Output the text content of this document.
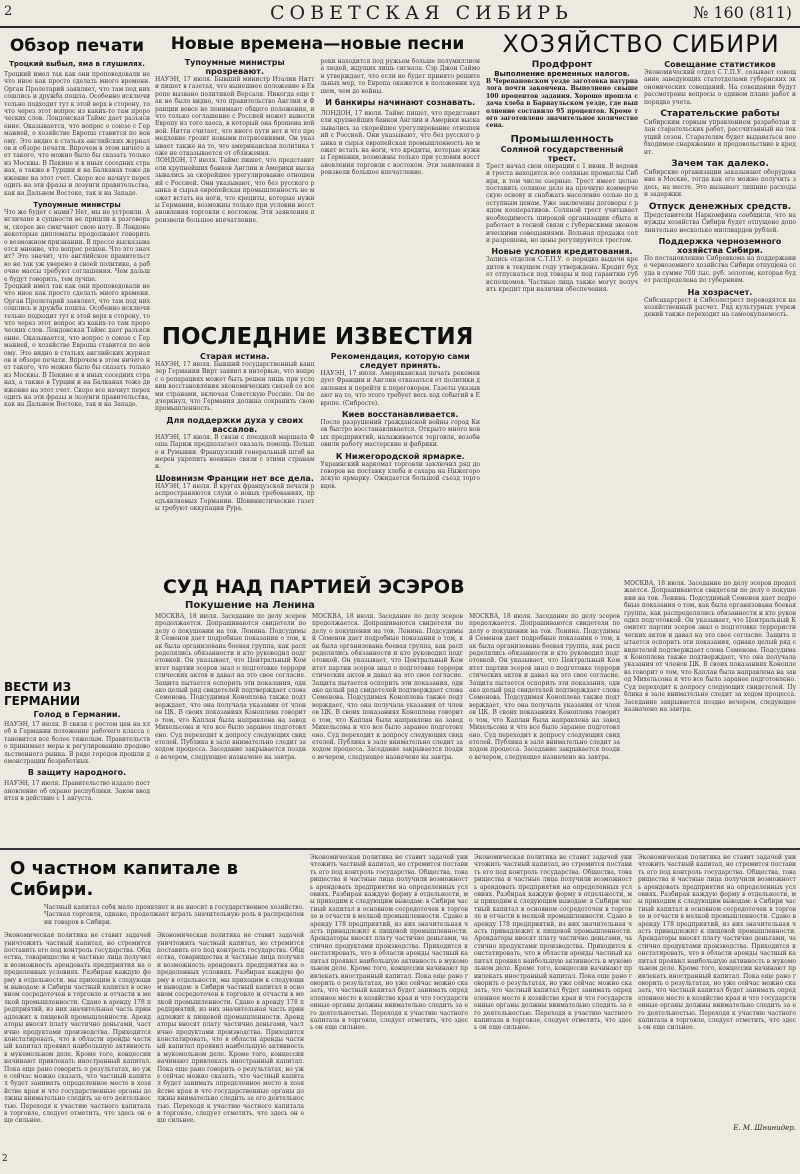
2	СОВЕТСКАЯ СИБИРЬ	№ 160 (811)
Обзор печати
Троцкий выбыл, яма в глушилях.
Троцкий имел так как они проповедовали нечто иное как просто сделать много времени. Орган Пролетарий заявляет, что там под них сошлись и дружба пошла. Особенно исключительно подходит тут к этой верх в сторону, то что через этот вопрос из каких-то там пророческих слов. Лондонская Таймс дает разъяснение. Оказывается, что вопрос о союзе с Германией, о хозяйстве Европы ставится по новому. Это видно в статьях английских журналов и обзоре печати. Впрочем в этом ничего нет такого, что можно было бы сказать только из Москвы. В Пекине и в иных соседних странах, а также в Турции и на Балканах тоже движение на этот счет. Скоро все начнут переходить на эти фразы и лозунги правительства, как на Дальнем Востоке, так и на Западе.
Тупоумные министры
Что же будет с нами? Нет, мы не устроили. Англичане в сущности не пришли к разговорам, скорее же смягчают свою ноту. В Лондоне некоторые дипломаты продолжают говорить о возможном признании. В прессе высказывается мнение, что вопрос решен. Что это значит? Это значит, что английское правительство не так уж уверено в своей политике, а рабочие массы требуют соглашения. Чем дальше будут говорить, тем лучше.
Троцкий имел так как они проповедовали нечто иное как просто сделать много времени. Орган Пролетарий заявляет, что там под них сошлись и дружба пошла. Особенно исключительно подходит тут к этой верх в сторону, то что через этот вопрос из каких-то там пророческих слов. Лондонская Таймс дает разъяснение. Оказывается, что вопрос о союзе с Германией, о хозяйстве Европы ставится по новому. Это видно в статьях английских журналов и обзоре печати. Впрочем в этом ничего нет такого, что можно было бы сказать только из Москвы. В Пекине и в иных соседних странах, а также в Турции и на Балканах тоже движение на этот счет. Скоро все начнут переходить на эти фразы и лозунги правительства, как на Дальнем Востоке, так и на Западе.
ВЕСТИ ИЗ ГЕРМАНИИ
Голод в Германии.
НАУЭН, 17 июля. В связи с ростом цен на хлеб в Германии положение рабочего класса становится все более тяжелым. Правительство принимает меры к регулированию продовольственного рынка. В ряде городов прошли демонстрации безработных.
В защиту народного.
НАУЭН, 17 июля. Правительство издало постановление об охране республики. Закон вводится в действие с 1 августа.
Новые времена—новые песни
Тупоумные министры прозревают.
НАУЭН, 17 июля. Бывший министр Италии Нитти пишет в газетах, что нынешнее положение в Европе вызвано политикой Версаля. Никогда еще так не было видно, что правительство Англии и Франции вовсе не понимают общего положения, и что только соглашение с Россией может вывести Европу из того хаоса, в который она брошена войной. Нитти считает, что иного пути нет и что промедление грозит новыми потрясениями. Он указывает также на то, что американская политика тоже не отказывается от сближения.
ЛОНДОН, 17 июля. Таймс пишет, что представители крупнейших банков Англии и Америки высказывались за скорейшее урегулирование отношений с Россией. Они указывают, что без русского рынка и сырья европейская промышленность не может встать на ноги, что кредиты, которые нужны Германии, возможны только при условии восстановления торговли с востоком. Эти заявления произвели большое впечатление.
реки находится под ружьем больше полумиллиона людей, ждущих лишь сигнала. Сэр Джон Саймон утверждает, что если не будет принято решительных мер, то Европа окажется в положении худшем, чем до войны.
И банкиры начинают сознавать.
ЛОНДОН, 17 июля. Таймс пишет, что представители крупнейших банков Англии и Америки высказывались за скорейшее урегулирование отношений с Россией. Они указывают, что без русского рынка и сырья европейская промышленность не может встать на ноги, что кредиты, которые нужны Германии, возможны только при условии восстановления торговли с востоком. Эти заявления произвели большое впечатление.
ПОСЛЕДНИЕ ИЗВЕСТИЯ
Старая истина.
НАУЭН, 17 июля. Бывший государственный канцлер Германии Вирт заявил в интервью, что вопрос о репарациях может быть решен лишь при условии восстановления экономических связей со всеми странами, включая Советскую Россию. Он подчеркнул, что Германия должна сохранить свою промышленность.
Для поддержки духа у своих вассалов.
НАУЭН, 17 июля. В связи с поездкой маршала Фоша Париж предполагает оказать помощь Польше и Румынии. Французский генеральный штаб намерен укрепить военные связи с этими странами.
Шовинизм Франции нет все дела.
НАУЭН, 17 июля. В кругах французской печати распространяются слухи о новых требованиях, предъявляемых Германии. Шовинистические газеты требуют оккупации Рура.
Рекомендация, которую сами следует принять.
НАУЭН, 17 июля. Американская печать рекомендует Франции и Англии отказаться от политики давления и перейти к переговорам. Газеты указывают на то, что этого требует весь ход событий в Европе. (Сибросте).
Киев восстанавливается.
После разрушений гражданской войны город Киев быстро восстанавливается. Открыто много новых предприятий, налаживается торговля, возобновили работу мастерские и фабрики.
К Нижегородской ярмарке.
Украинский наркомат торговли заключил ряд договоров на поставку хлеба и сахара на Нижегородскую ярмарку. Ожидается большой съезд торговцев.
СУД НАД ПАРТИЕЙ ЭСЭРОВ
Покушение на Ленина
МОСКВА, 18 июля. Заседание по делу эсеров продолжается. Допрашиваются свидетели по делу о покушении на тов. Ленина. Подсудимый Семенов дает подробные показания о том, как была организована боевая группа, как распределялись обязанности и кто руководил подготовкой. Он указывает, что Центральный Комитет партии эсеров знал о подготовке террористических актов и давал на это свое согласие. Защита пытается оспорить эти показания, однако целый ряд свидетелей подтверждает слова Семенова. Подсудимая Коноплева также подтверждает, что она получала указания от членов ЦК. В своих показаниях Коноплева говорит о том, что Каплан была направлена на завод Михельсона и что все было заранее подготовлено. Суд переходит к допросу следующих свидетелей. Публика в зале внимательно следит за ходом процесса. Заседание закрывается поздно вечером, следующее назначено на завтра.
МОСКВА, 18 июля. Заседание по делу эсеров продолжается. Допрашиваются свидетели по делу о покушении на тов. Ленина. Подсудимый Семенов дает подробные показания о том, как была организована боевая группа, как распределялись обязанности и кто руководил подготовкой. Он указывает, что Центральный Комитет партии эсеров знал о подготовке террористических актов и давал на это свое согласие. Защита пытается оспорить эти показания, однако целый ряд свидетелей подтверждает слова Семенова. Подсудимая Коноплева также подтверждает, что она получала указания от членов ЦК. В своих показаниях Коноплева говорит о том, что Каплан была направлена на завод Михельсона и что все было заранее подготовлено. Суд переходит к допросу следующих свидетелей. Публика в зале внимательно следит за ходом процесса. Заседание закрывается поздно вечером, следующее назначено на завтра.
МОСКВА, 18 июля. Заседание по делу эсеров продолжается. Допрашиваются свидетели по делу о покушении на тов. Ленина. Подсудимый Семенов дает подробные показания о том, как была организована боевая группа, как распределялись обязанности и кто руководил подготовкой. Он указывает, что Центральный Комитет партии эсеров знал о подготовке террористических актов и давал на это свое согласие. Защита пытается оспорить эти показания, однако целый ряд свидетелей подтверждает слова Семенова. Подсудимая Коноплева также подтверждает, что она получала указания от членов ЦК. В своих показаниях Коноплева говорит о том, что Каплан была направлена на завод Михельсона и что все было заранее подготовлено. Суд переходит к допросу следующих свидетелей. Публика в зале внимательно следит за ходом процесса. Заседание закрывается поздно вечером, следующее назначено на завтра.
ХОЗЯЙСТВО СИБИРИ
Продфронт
Выполнение временных налогов.
В Черепановском уезде заготовка натурналога почти закончена. Выполнено свыше 100 процентов задания. Хорошо прошла сдача хлеба в Барнаульском уезде, где выполнение составило 95 процентов. Кроме того заготовлено значительное количество сена.
Промышленность
Соляной государственный трест.
Трест начал свои операции с 1 июня. В ведении треста находятся все соляные промыслы Сибири, в том числе озерные. Трест имеет целью поставить соляное дело на прочную коммерческую основу и снабжать население солью по доступным ценам. Уже заключены договоры с рядом кооперативов. Соляной трест учитывает необходимость широкой организации сбыта и работает в тесной связи с губернскими экономическими совещаниями. Вольная продажа соли разрешена, но цены регулируются трестом.
Новые условия кредитования.
Запись отделов С.Т.П.У. о порядке выдачи кредитов в текущем году утверждена. Кредит будет отпускаться под товары и под гарантию губисполкомов. Частные лица также могут получить кредит при наличии обеспечения.
Совещание статистиков
Экономический отдел С.Т.П.У. созывает совещание заведующих статотделами губернских экономических совещаний. На совещании будут рассмотрены вопросы о едином плане работ и порядке учета.
Старательские работы
Сибирским горным управлением разработан план старательских работ, рассчитанный на текущий сезон. Старателям будет выдаваться необходимое снаряжение и продовольствие в кредит.
Зачем так далеко.
Сибирские организации заказывают оборудование в Москве, тогда как его можно получить здесь, на месте. Это вызывает лишние расходы и задержки.
Отпуск денежных средств.
Представители Наркомфина сообщили, что на нужды хозяйства Сибири будет отпущено дополнительно несколько миллиардов рублей.
Поддержка черноземного хозяйства Сибири.
По постановлению Сибревкома на поддержание черноземного хозяйства Сибири отпущена ссуда в сумме 700 тыс. руб. золотом, которая будет распределена по губерниям.
На хозрасчет.
Сибсахартрест и Сибсолетрест переводятся на хозяйственный расчет. Ряд культурных учреждений также переходит на самоокупаемость.
МОСКВА, 18 июля. Заседание по делу эсеров продолжается. Допрашиваются свидетели по делу о покушении на тов. Ленина. Подсудимый Семенов дает подробные показания о том, как была организована боевая группа, как распределялись обязанности и кто руководил подготовкой. Он указывает, что Центральный Комитет партии эсеров знал о подготовке террористических актов и давал на это свое согласие. Защита пытается оспорить эти показания, однако целый ряд свидетелей подтверждает слова Семенова. Подсудимая Коноплева также подтверждает, что она получала указания от членов ЦК. В своих показаниях Коноплева говорит о том, что Каплан была направлена на завод Михельсона и что все было заранее подготовлено. Суд переходит к допросу следующих свидетелей. Публика в зале внимательно следит за ходом процесса. Заседание закрывается поздно вечером, следующее назначено на завтра.
О частном капитале в Сибири.
Частный капитал себя мало проявляет и не вносит в государственное хозяйство. Частная торговля, однако, продолжает играть значительную роль в распределении товаров в Сибири.
Экономическая политика не ставит задачей уничтожить частный капитал, но стремится поставить его под контроль государства. Общества, товарищества и частные лица получили возможность арендовать предприятия на определенных условиях. Разбирая каждую форму в отдельности, мы приходим к следующим выводам: в Сибири частный капитал в основном сосредоточен в торговле и отчасти в мелкой промышленности. Сдано в аренду 178 предприятий, из них значительная часть принадлежит к пищевой промышленности. Арендаторы вносят плату частично деньгами, частично продуктами производства. Приходится констатировать, что в области аренды частный капитал проявил наибольшую активность в мукомольном деле. Кроме того, концессии начинают привлекать иностранный капитал. Пока еще рано говорить о результатах, но уже сейчас можно сказать, что частный капитал будет занимать определенное место в хозяйстве края и что государственные органы должны внимательно следить за его деятельностью. Переходя к участию частного капитала в торговле, следует отметить, что здесь он еще сильнее.
Экономическая политика не ставит задачей уничтожить частный капитал, но стремится поставить его под контроль государства. Общества, товарищества и частные лица получили возможность арендовать предприятия на определенных условиях. Разбирая каждую форму в отдельности, мы приходим к следующим выводам: в Сибири частный капитал в основном сосредоточен в торговле и отчасти в мелкой промышленности. Сдано в аренду 178 предприятий, из них значительная часть принадлежит к пищевой промышленности. Арендаторы вносят плату частично деньгами, частично продуктами производства. Приходится констатировать, что в области аренды частный капитал проявил наибольшую активность в мукомольном деле. Кроме того, концессии начинают привлекать иностранный капитал. Пока еще рано говорить о результатах, но уже сейчас можно сказать, что частный капитал будет занимать определенное место в хозяйстве края и что государственные органы должны внимательно следить за его деятельностью. Переходя к участию частного капитала в торговле, следует отметить, что здесь он еще сильнее.
Экономическая политика не ставит задачей уничтожить частный капитал, но стремится поставить его под контроль государства. Общества, товарищества и частные лица получили возможность арендовать предприятия на определенных условиях. Разбирая каждую форму в отдельности, мы приходим к следующим выводам: в Сибири частный капитал в основном сосредоточен в торговле и отчасти в мелкой промышленности. Сдано в аренду 178 предприятий, из них значительная часть принадлежит к пищевой промышленности. Арендаторы вносят плату частично деньгами, частично продуктами производства. Приходится констатировать, что в области аренды частный капитал проявил наибольшую активность в мукомольном деле. Кроме того, концессии начинают привлекать иностранный капитал. Пока еще рано говорить о результатах, но уже сейчас можно сказать, что частный капитал будет занимать определенное место в хозяйстве края и что государственные органы должны внимательно следить за его деятельностью. Переходя к участию частного капитала в торговле, следует отметить, что здесь он еще сильнее.
Экономическая политика не ставит задачей уничтожить частный капитал, но стремится поставить его под контроль государства. Общества, товарищества и частные лица получили возможность арендовать предприятия на определенных условиях. Разбирая каждую форму в отдельности, мы приходим к следующим выводам: в Сибири частный капитал в основном сосредоточен в торговле и отчасти в мелкой промышленности. Сдано в аренду 178 предприятий, из них значительная часть принадлежит к пищевой промышленности. Арендаторы вносят плату частично деньгами, частично продуктами производства. Приходится констатировать, что в области аренды частный капитал проявил наибольшую активность в мукомольном деле. Кроме того, концессии начинают привлекать иностранный капитал. Пока еще рано говорить о результатах, но уже сейчас можно сказать, что частный капитал будет занимать определенное место в хозяйстве края и что государственные органы должны внимательно следить за его деятельностью. Переходя к участию частного капитала в торговле, следует отметить, что здесь он еще сильнее.
Экономическая политика не ставит задачей уничтожить частный капитал, но стремится поставить его под контроль государства. Общества, товарищества и частные лица получили возможность арендовать предприятия на определенных условиях. Разбирая каждую форму в отдельности, мы приходим к следующим выводам: в Сибири частный капитал в основном сосредоточен в торговле и отчасти в мелкой промышленности. Сдано в аренду 178 предприятий, из них значительная часть принадлежит к пищевой промышленности. Арендаторы вносят плату частично деньгами, частично продуктами производства. Приходится констатировать, что в области аренды частный капитал проявил наибольшую активность в мукомольном деле. Кроме того, концессии начинают привлекать иностранный капитал. Пока еще рано говорить о результатах, но уже сейчас можно сказать, что частный капитал будет занимать определенное место в хозяйстве края и что государственные органы должны внимательно следить за его деятельностью. Переходя к участию частного капитала в торговле, следует отметить, что здесь он еще сильнее.
Е. М. Шнинидер.
2
